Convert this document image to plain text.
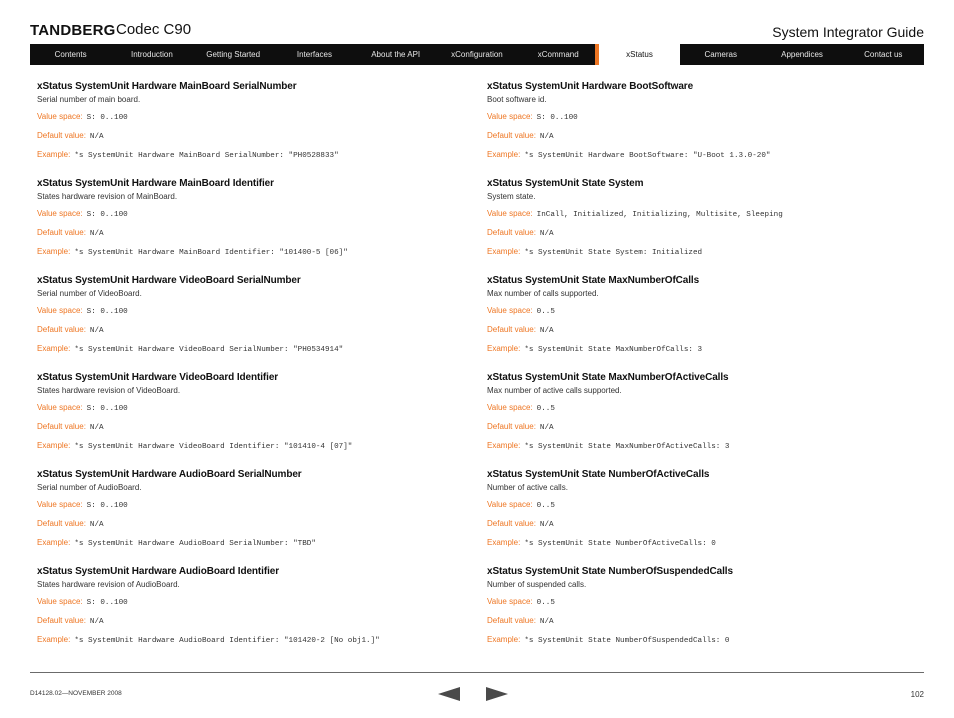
TANDBERG Codec C90	System Integrator Guide
Contents	Introduction	Getting Started	Interfaces	About the API	xConfiguration	xCommand	xStatus	Cameras	Appendices	Contact us
xStatus SystemUnit Hardware MainBoard SerialNumber
Serial number of main board.
Value space: S: 0..100
Default value: N/A
Example: *s SystemUnit Hardware MainBoard SerialNumber: "PH0528833"
xStatus SystemUnit Hardware MainBoard Identifier
States hardware revision of MainBoard.
Value space: S: 0..100
Default value: N/A
Example: *s SystemUnit Hardware MainBoard Identifier: "101400-5 [06]"
xStatus SystemUnit Hardware VideoBoard SerialNumber
Serial number of VideoBoard.
Value space: S: 0..100
Default value: N/A
Example: *s SystemUnit Hardware VideoBoard SerialNumber: "PH0534914"
xStatus SystemUnit Hardware VideoBoard Identifier
States hardware revision of VideoBoard.
Value space: S: 0..100
Default value: N/A
Example: *s SystemUnit Hardware VideoBoard Identifier: "101410-4 [07]"
xStatus SystemUnit Hardware AudioBoard SerialNumber
Serial number of AudioBoard.
Value space: S: 0..100
Default value: N/A
Example: *s SystemUnit Hardware AudioBoard SerialNumber: "TBD"
xStatus SystemUnit Hardware AudioBoard Identifier
States hardware revision of AudioBoard.
Value space: S: 0..100
Default value: N/A
Example: *s SystemUnit Hardware AudioBoard Identifier: "101420-2 [No obj1.]"
xStatus SystemUnit Hardware BootSoftware
Boot software id.
Value space: S: 0..100
Default value: N/A
Example: *s SystemUnit Hardware BootSoftware: "U-Boot 1.3.0-20"
xStatus SystemUnit State System
System state.
Value space: InCall, Initialized, Initializing, Multisite, Sleeping
Default value: N/A
Example: *s SystemUnit State System: Initialized
xStatus SystemUnit State MaxNumberOfCalls
Max number of calls supported.
Value space: 0..5
Default value: N/A
Example: *s SystemUnit State MaxNumberOfCalls: 3
xStatus SystemUnit State MaxNumberOfActiveCalls
Max number of active calls supported.
Value space: 0..5
Default value: N/A
Example: *s SystemUnit State MaxNumberOfActiveCalls: 3
xStatus SystemUnit State NumberOfActiveCalls
Number of active calls.
Value space: 0..5
Default value: N/A
Example: *s SystemUnit State NumberOfActiveCalls: 0
xStatus SystemUnit State NumberOfSuspendedCalls
Number of suspended calls.
Value space: 0..5
Default value: N/A
Example: *s SystemUnit State NumberOfSuspendedCalls: 0
D14128.02—NOVEMBER 2008	102
